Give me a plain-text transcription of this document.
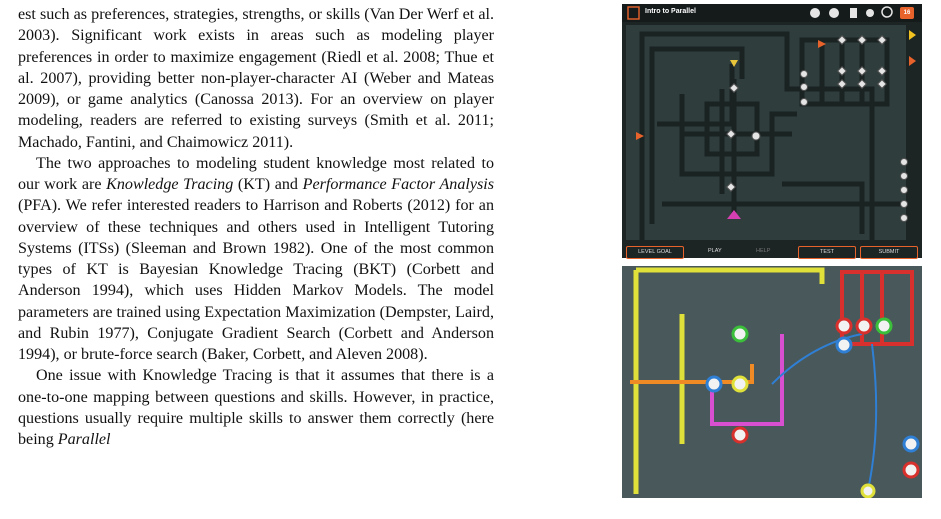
est such as preferences, strategies, strengths, or skills (Van Der Werf et al. 2003). Significant work exists in areas such as modeling player preferences in order to maximize engagement (Riedl et al. 2008; Thue et al. 2007), providing better non-player-character AI (Weber and Mateas 2009), or game analytics (Canossa 2013). For an overview on player modeling, readers are referred to existing surveys (Smith et al. 2011; Machado, Fantini, and Chaimowicz 2011).

The two approaches to modeling student knowledge most related to our work are Knowledge Tracing (KT) and Performance Factor Analysis (PFA). We refer interested readers to Harrison and Roberts (2012) for an overview of these techniques and others used in Intelligent Tutoring Systems (ITSs) (Sleeman and Brown 1982). One of the most common types of KT is Bayesian Knowledge Tracing (BKT) (Corbett and Anderson 1994), which uses Hidden Markov Models. The model parameters are trained using Expectation Maximization (Dempster, Laird, and Rubin 1977), Conjugate Gradient Search (Corbett and Anderson 1994), or brute-force search (Baker, Corbett, and Aleven 2008).

One issue with Knowledge Tracing is that it assumes that there is a one-to-one mapping between questions and skills. However, in practice, questions usually require multiple skills to answer them correctly (here being Parallel

Intro to Parallel	16
LEVEL GOAL	PLAY	HELP	TEST	SUBMIT
